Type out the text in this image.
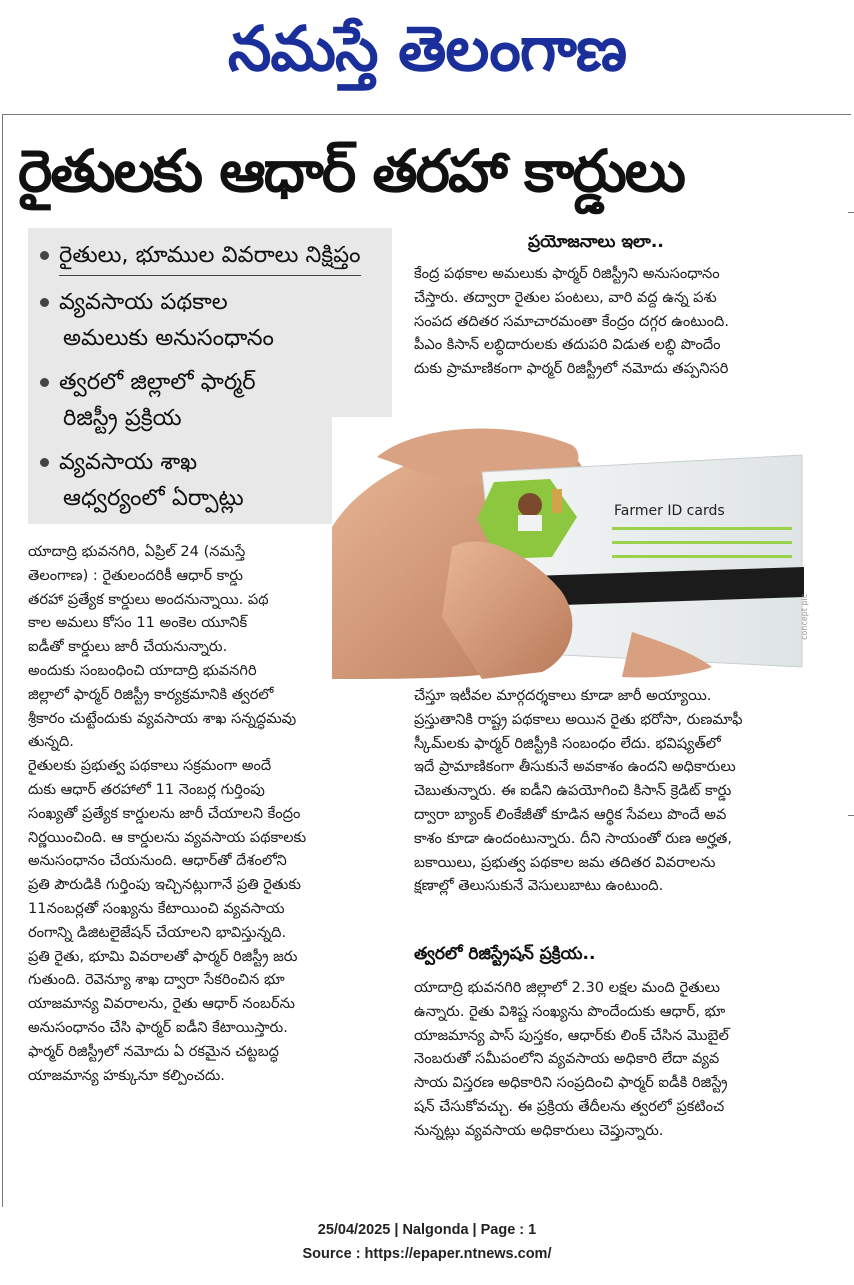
నమస్తే తెలంగాణ
రైతులకు ఆధార్ తరహా కార్డులు
రైతులు, భూముల వివరాలు నిక్షిప్తం
వ్యవసాయ పథకాల
అమలుకు అనుసంధానం
త్వరలో జిల్లాలో ఫార్మర్
రిజిస్ట్రీ ప్రక్రియ
వ్యవసాయ శాఖ
ఆధ్వర్యంలో ఏర్పాట్లు
యాదాద్రి భువనగిరి, ఏప్రిల్ 24 (నమస్తే
తెలంగాణ) : రైతులందరికీ ఆధార్ కార్డు
తరహా ప్రత్యేక కార్డులు అందనున్నాయి. పథ
కాల అమలు కోసం 11 అంకెల యూనిక్
ఐడీతో కార్డులు జారీ చేయనున్నారు.
అందుకు సంబంధించి యాదాద్రి భువనగిరి
జిల్లాలో ఫార్మర్ రిజిస్ట్రీ కార్యక్రమానికి త్వరలో
శ్రీకారం చుట్టేందుకు వ్యవసాయ శాఖ సన్నద్ధమవు
తున్నది.
రైతులకు ప్రభుత్వ పథకాలు సక్రమంగా అందే
దుకు ఆధార్ తరహాలో 11 నెంబర్ల గుర్తింపు
సంఖ్యతో ప్రత్యేక కార్డులను జారీ చేయాలని కేంద్రం
నిర్ణయించింది. ఆ కార్డులను వ్యవసాయ పథకాలకు
అనుసంధానం చేయనుంది. ఆధార్‌తో దేశంలోని
ప్రతి పౌరుడికి గుర్తింపు ఇచ్చినట్లుగానే ప్రతి రైతుకు
11నంబర్లతో సంఖ్యను కేటాయించి వ్యవసాయ
రంగాన్ని డిజిటలైజేషన్ చేయాలని భావిస్తున్నది.
ప్రతి రైతు, భూమి వివరాలతో ఫార్మర్ రిజిస్ట్రీ జరు
గుతుంది. రెవెన్యూ శాఖ ద్వారా సేకరించిన భూ
యాజమాన్య వివరాలను, రైతు ఆధార్ నంబర్‌ను
అనుసంధానం చేసి ఫార్మర్ ఐడీని కేటాయిస్తారు.
ఫార్మర్ రిజిస్ట్రీలో నమోదు ఏ రకమైన చట్టబద్ధ
యాజమాన్య హక్కునూ కల్పించదు.
ప్రయోజనాలు ఇలా..
కేంద్ర పథకాల అమలుకు ఫార్మర్ రిజిస్ట్రీని అనుసంధానం
చేస్తారు. తద్వారా రైతుల పంటలు, వారి వద్ద ఉన్న పశు
సంపద తదితర సమాచారమంతా కేంద్రం దగ్గర ఉంటుంది.
పీఎం కిసాన్ లబ్ధిదారులకు తదుపరి విడుత లబ్ధి పొందేం
దుకు ప్రామాణికంగా ఫార్మర్ రిజిస్ట్రీలో నమోదు తప్పనిసరి
Farmer ID cards
concept pic
చేస్తూ ఇటీవల మార్గదర్శకాలు కూడా జారీ అయ్యాయి.
ప్రస్తుతానికి రాష్ట్ర పథకాలు అయిన రైతు భరోసా, రుణమాఫీ
స్కీమ్‌లకు ఫార్మర్ రిజిస్ట్రీకి సంబంధం లేదు. భవిష్యత్‌లో
ఇదే ప్రామాణికంగా తీసుకునే అవకాశం ఉందని అధికారులు
చెబుతున్నారు. ఈ ఐడీని ఉపయోగించి కిసాన్ క్రెడిట్ కార్డు
ద్వారా బ్యాంక్ లింకేజీతో కూడిన ఆర్థిక సేవలు పొందే అవ
కాశం కూడా ఉందంటున్నారు. దీని సాయంతో రుణ అర్హత,
బకాయిలు, ప్రభుత్వ పథకాల జమ తదితర వివరాలను
క్షణాల్లో తెలుసుకునే వెసులుబాటు ఉంటుంది.
త్వరలో రిజిస్ట్రేషన్ ప్రక్రియ..
యాదాద్రి భువనగిరి జిల్లాలో 2.30 లక్షల మంది రైతులు
ఉన్నారు. రైతు విశిష్ట సంఖ్యను పొందేందుకు ఆధార్, భూ
యాజమాన్య పాస్ పుస్తకం, ఆధార్‌కు లింక్ చేసిన మొబైల్
నెంబరుతో సమీపంలోని వ్యవసాయ అధికారి లేదా వ్యవ
సాయ విస్తరణ అధికారిని సంప్రదించి ఫార్మర్ ఐడీకి రిజిస్ట్రే
షన్ చేసుకోవచ్చు. ఈ ప్రక్రియ తేదీలను త్వరలో ప్రకటించ
నున్నట్లు వ్యవసాయ అధికారులు చెప్తున్నారు.
25/04/2025 | Nalgonda | Page : 1
Source : https://epaper.ntnews.com/
